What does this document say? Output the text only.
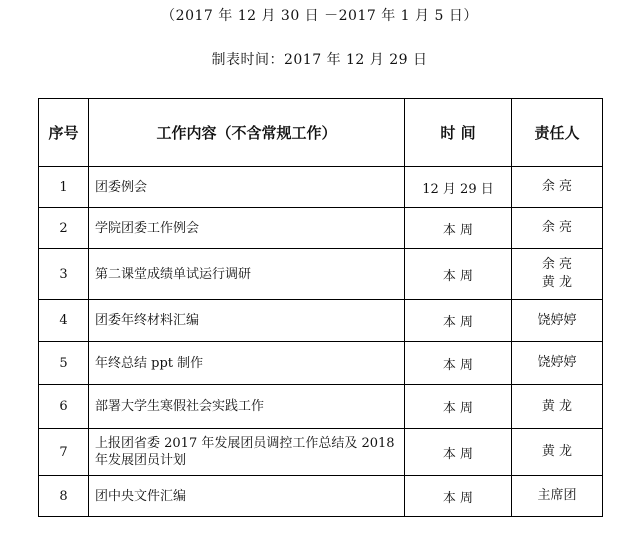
（2017 年 12 月 30 日 －2017 年 1 月 5 日）
制表时间：2017 年 12 月 29 日
序号	工作内容（不含常规工作）	时 间	责任人
1	团委例会	12 月 29 日	余 亮

2	学院团委工作例会	本 周	余 亮

3	第二课堂成绩单试运行调研	本 周	余 亮
黄 龙

4	团委年终材料汇编	本 周	饶婷婷

5	年终总结 ppt 制作	本 周	饶婷婷

6	部署大学生寒假社会实践工作	本 周	黄 龙

7	上报团省委 2017 年发展团员调控工作总结及 2018 年发展团员计划	本 周	黄 龙

8	团中央文件汇编	本 周	主席团
